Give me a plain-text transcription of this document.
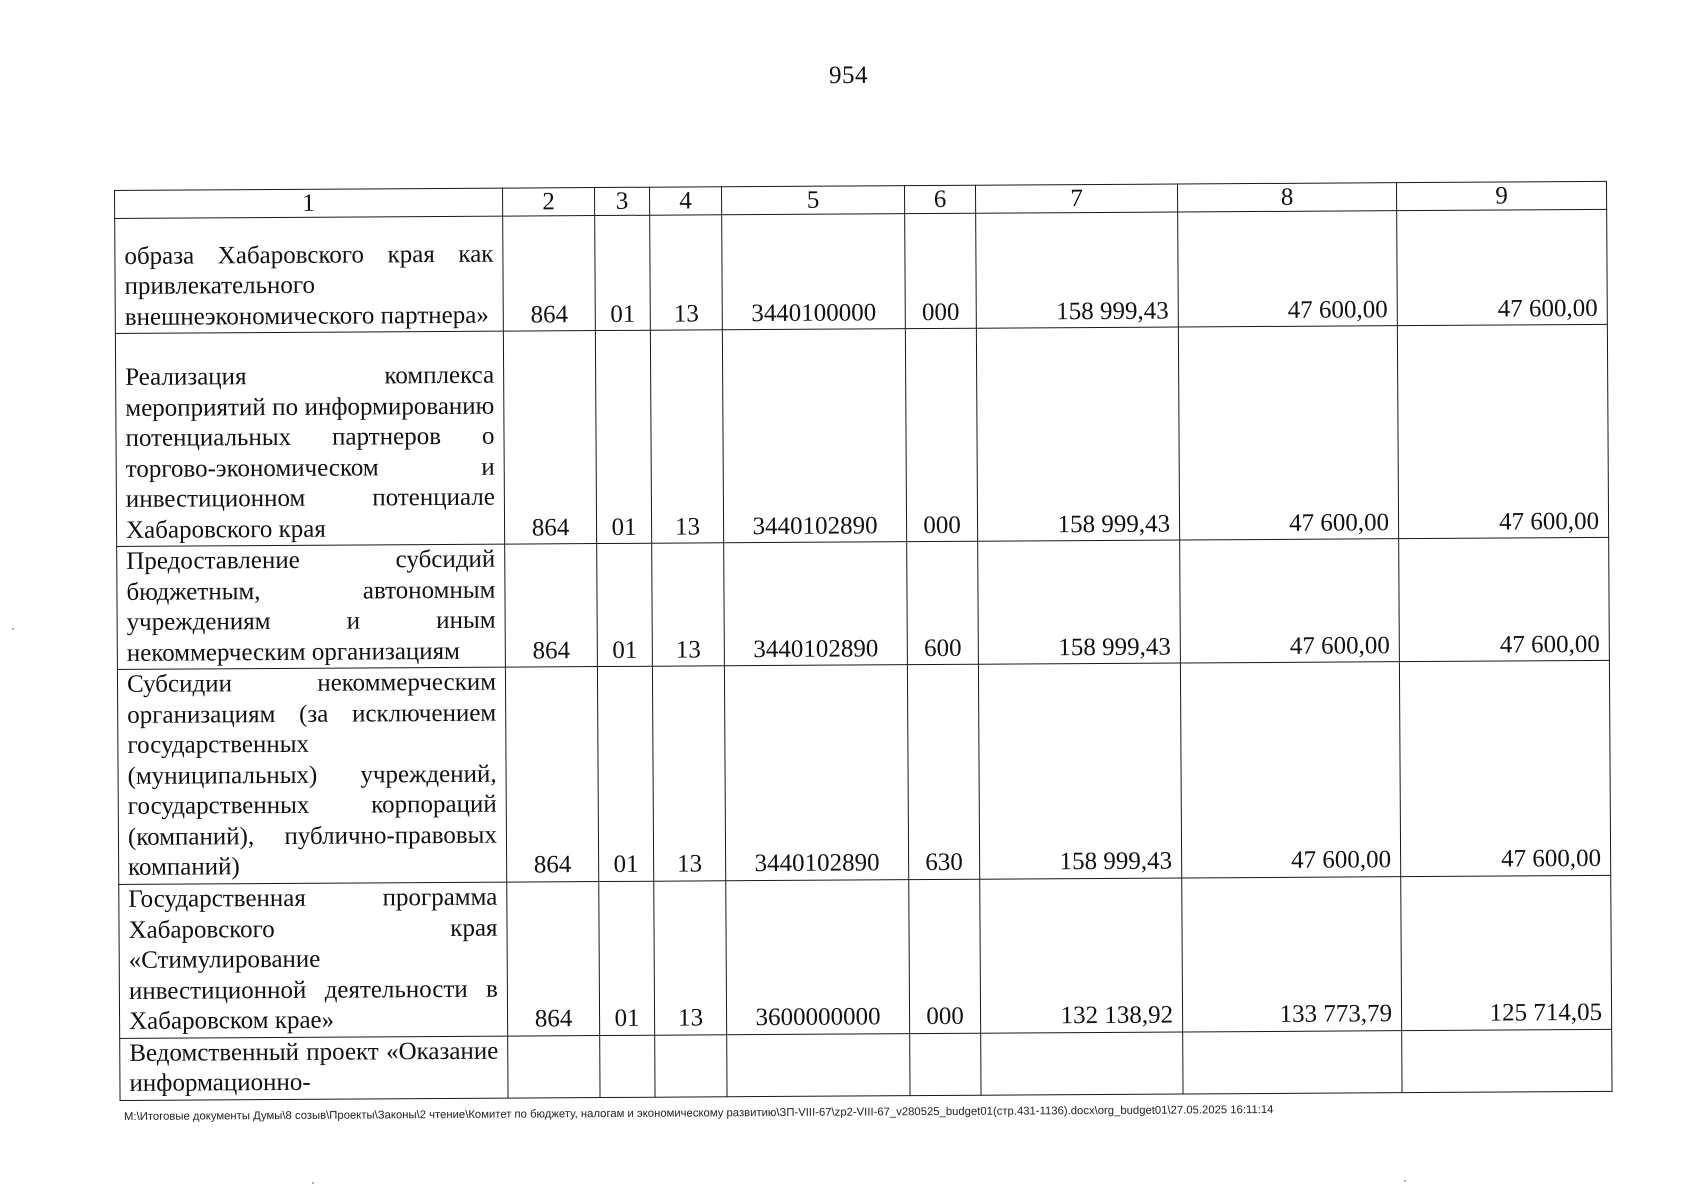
954
1	2	3	4	5	6	7	8	9
образа Хабаровского края как привлекательного внешнеэкономического партнера»	864	01	13	3440100000	000	158 999,43	47 600,00	47 600,00
Реализация комплекса мероприятий по информированию потенциальных партнеров о торгово-экономическом и инвестиционном потенциале Хабаровского края	864	01	13	3440102890	000	158 999,43	47 600,00	47 600,00
Предоставление субсидий бюджетным, автономным учреждениям и иным некоммерческим организациям	864	01	13	3440102890	600	158 999,43	47 600,00	47 600,00
Субсидии некоммерческим организациям (за исключением государственных (муниципальных) учреждений, государственных корпораций (компаний), публично-правовых компаний)	864	01	13	3440102890	630	158 999,43	47 600,00	47 600,00
Государственная программа Хабаровского края «Стимулирование инвестиционной деятельности в Хабаровском крае»	864	01	13	3600000000	000	132 138,92	133 773,79	125 714,05
Ведомственный проект «Оказание информационно-								
M:\Итоговые документы Думы\8 созыв\Проекты\Законы\2 чтение\Комитет по бюджету, налогам и экономическому развитию\ЗП-VIII-67\zp2-VIII-67_v280525_budget01(стр.431-1136).docx\org_budget01\27.05.2025 16:11:14
